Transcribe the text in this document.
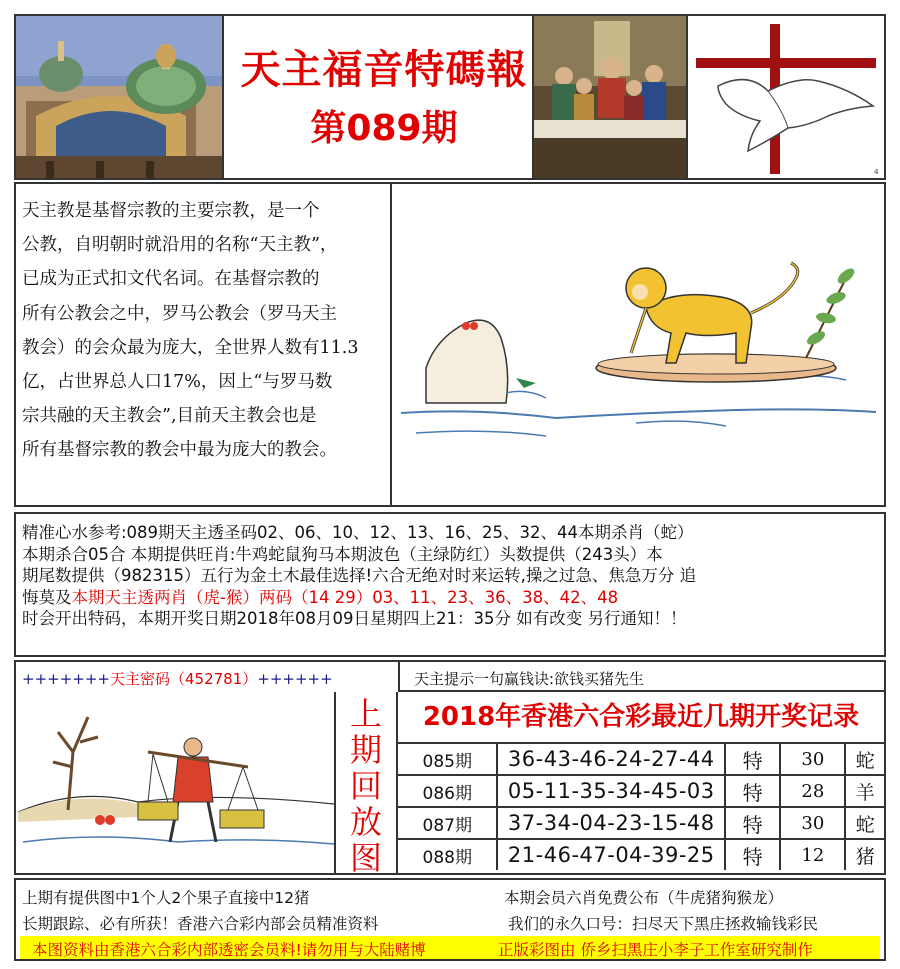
天主福音特碼報
第089期
4
天主教是基督宗教的主要宗教，是一个
公教，自明朝时就沿用的名称“天主教”，
已成为正式扣文代名词。在基督宗教的
所有公教会之中，罗马公教会（罗马天主
教会）的会众最为庞大，全世界人数有11.3
亿，占世界总人口17%，因上“与罗马数
宗共融的天主教会”,目前天主教会也是
所有基督宗教的教会中最为庞大的教会。
精准心水参考:089期天主透圣码02、06、10、12、13、16、25、32、44本期杀肖（蛇）
本期杀合05合 本期提供旺肖:牛鸡蛇鼠狗马本期波色（主绿防红）头数提供（243头）本
期尾数提供（982315）五行为金土木最佳选择!六合无绝对时来运转,操之过急、焦急万分 追
悔莫及本期天主透两肖（虎-猴）两码（14 29）03、11、23、36、38、42、48
时会开出特码，本期开奖日期2018年08月09日星期四上21：35分 如有改变 另行通知！！
+++++++天主密码（452781）++++++	天主提示一句赢钱诀:欲钱买猪先生
上
期
回
放
图
2018年香港六合彩最近几期开奖记录
085期	36-43-46-24-27-44	特	30	蛇
086期	05-11-35-34-45-03	特	28	羊
087期	37-34-04-23-15-48	特	30	蛇
088期	21-46-47-04-39-25	特	12	猪
上期有提供图中1个人2个果子直接中12猪	本期会员六肖免费公布（牛虎猪狗猴龙）
长期跟踪、必有所获！香港六合彩内部会员精准资料	我们的永久口号：扫尽天下黑庄拯救输钱彩民
本图资料由香港六合彩内部透密会员料!请勿用与大陆赌博	正版彩图由 侨乡扫黑庄小李子工作室研究制作
